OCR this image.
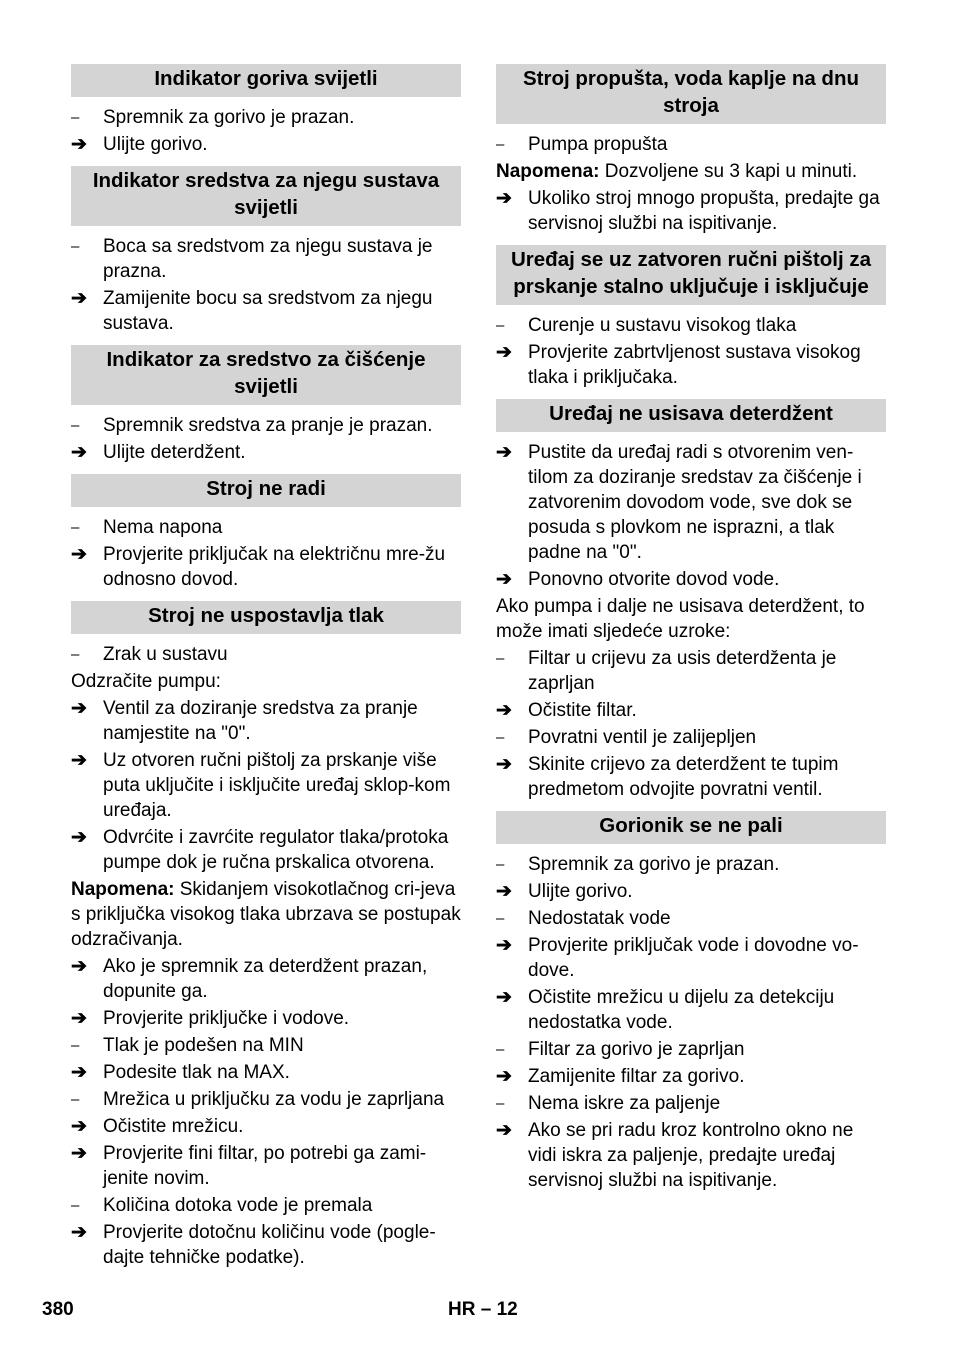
Indikator goriva svijetli
–	Spremnik za gorivo je prazan.
➔ Ulijte gorivo.
Indikator sredstva za njegu sustava svijetli
–	Boca sa sredstvom za njegu sustava je prazna.
➔ Zamijenite bocu sa sredstvom za njegu sustava.
Indikator za sredstvo za čišćenje svijetli
–	Spremnik sredstva za pranje je prazan.
➔ Ulijte deterdžent.
Stroj ne radi
–	Nema napona
➔ Provjerite priključak na električnu mre-žu odnosno dovod.
Stroj ne uspostavlja tlak
–	Zrak u sustavu
Odzračite pumpu:
➔ Ventil za doziranje sredstva za pranje namjestite na "0".
➔ Uz otvoren ručni pištolj za prskanje više puta uključite i isključite uređaj sklop-kom uređaja.
➔ Odvrćite i zavrćite regulator tlaka/protoka pumpe dok je ručna prskalica otvorena.
Napomena: Skidanjem visokotlačnog cri-jeva s priključka visokog tlaka ubrzava se postupak odzračivanja.
➔ Ako je spremnik za deterdžent prazan, dopunite ga.
➔ Provjerite priključke i vodove.
–	Tlak je podešen na MIN
➔ Podesite tlak na MAX.
–	Mrežica u priključku za vodu je zaprljana
➔ Očistite mrežicu.
➔ Provjerite fini filtar, po potrebi ga zami-jenite novim.
–	Količina dotoka vode je premala
➔ Provjerite dotočnu količinu vode (pogle-dajte tehničke podatke).
Stroj propušta, voda kaplje na dnu stroja
–	Pumpa propušta
Napomena: Dozvoljene su 3 kapi u minuti.
➔ Ukoliko stroj mnogo propušta, predajte ga servisnoj službi na ispitivanje.
Uređaj se uz zatvoren ručni pištolj za prskanje stalno uključuje i isključuje
–	Curenje u sustavu visokog tlaka
➔ Provjerite zabrtvljenost sustava visokog tlaka i priključaka.
Uređaj ne usisava deterdžent
➔ Pustite da uređaj radi s otvorenim ven-tilom za doziranje sredstav za čišćenje i zatvorenim dovodom vode, sve dok se posuda s plovkom ne isprazni, a tlak padne na "0".
➔ Ponovno otvorite dovod vode.
Ako pumpa i dalje ne usisava deterdžent, to može imati sljedeće uzroke:
–	Filtar u crijevu za usis deterdženta je zaprljan
➔ Očistite filtar.
–	Povratni ventil je zalijepljen
➔ Skinite crijevo za deterdžent te tupim predmetom odvojite povratni ventil.
Gorionik se ne pali
–	Spremnik za gorivo je prazan.
➔ Ulijte gorivo.
–	Nedostatak vode
➔ Provjerite priključak vode i dovodne vo-dove.
➔ Očistite mrežicu u dijelu za detekciju nedostatka vode.
–	Filtar za gorivo je zaprljan
➔ Zamijenite filtar za gorivo.
–	Nema iskre za paljenje
➔ Ako se pri radu kroz kontrolno okno ne vidi iskra za paljenje, predajte uređaj servisnoj službi na ispitivanje.
380	HR – 12
